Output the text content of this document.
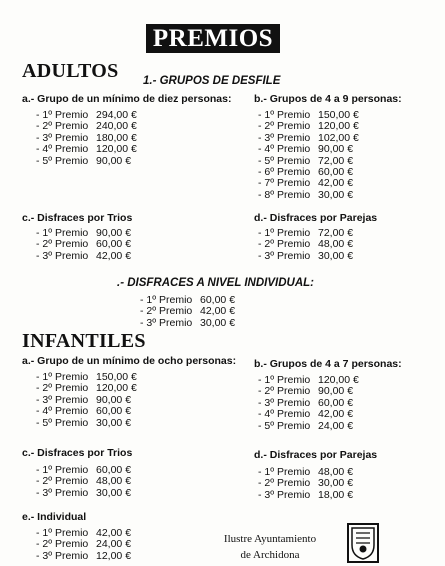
PREMIOS
ADULTOS 1.- GRUPOS DE DESFILE
a.- Grupo de un mínimo de diez personas:
- 1º Premio 294,00 €
- 2º Premio 240,00 €
- 3º Premio 180,00 €
- 4º Premio 120,00 €
- 5º Premio 90,00 €
b.- Grupos de 4 a 9 personas:
- 1º Premio 150,00 €
- 2º Premio 120,00 €
- 3º Premio 102,00 €
- 4º Premio 90,00 €
- 5º Premio 72,00 €
- 6º Premio 60,00 €
- 7º Premio 42,00 €
- 8º Premio 30,00 €
c.- Disfraces por Trios
- 1º Premio 90,00 €
- 2º Premio 60,00 €
- 3º Premio 42,00 €
d.- Disfraces por Parejas
- 1º Premio 72,00 €
- 2º Premio 48,00 €
- 3º Premio 30,00 €
.- DISFRACES A NIVEL INDIVIDUAL:
- 1º Premio 60,00 €
- 2º Premio 42,00 €
- 3º Premio 30,00 €
INFANTILES
a.- Grupo de un mínimo de ocho personas:
- 1º Premio 150,00 €
- 2º Premio 120,00 €
- 3º Premio 90,00 €
- 4º Premio 60,00 €
- 5º Premio 30,00 €
b.- Grupos de 4 a 7 personas:
- 1º Premio 120,00 €
- 2º Premio 90,00 €
- 3º Premio 60,00 €
- 4º Premio 42,00 €
- 5º Premio 24,00 €
c.- Disfraces por Trios
- 1º Premio 60,00 €
- 2º Premio 48,00 €
- 3º Premio 30,00 €
d.- Disfraces por Parejas
- 1º Premio 48,00 €
- 2º Premio 30,00 €
- 3º Premio 18,00 €
e.- Individual
- 1º Premio 42,00 €
- 2º Premio 24,00 €
- 3º Premio 12,00 €
Ilustre Ayuntamiento
de Archidona
